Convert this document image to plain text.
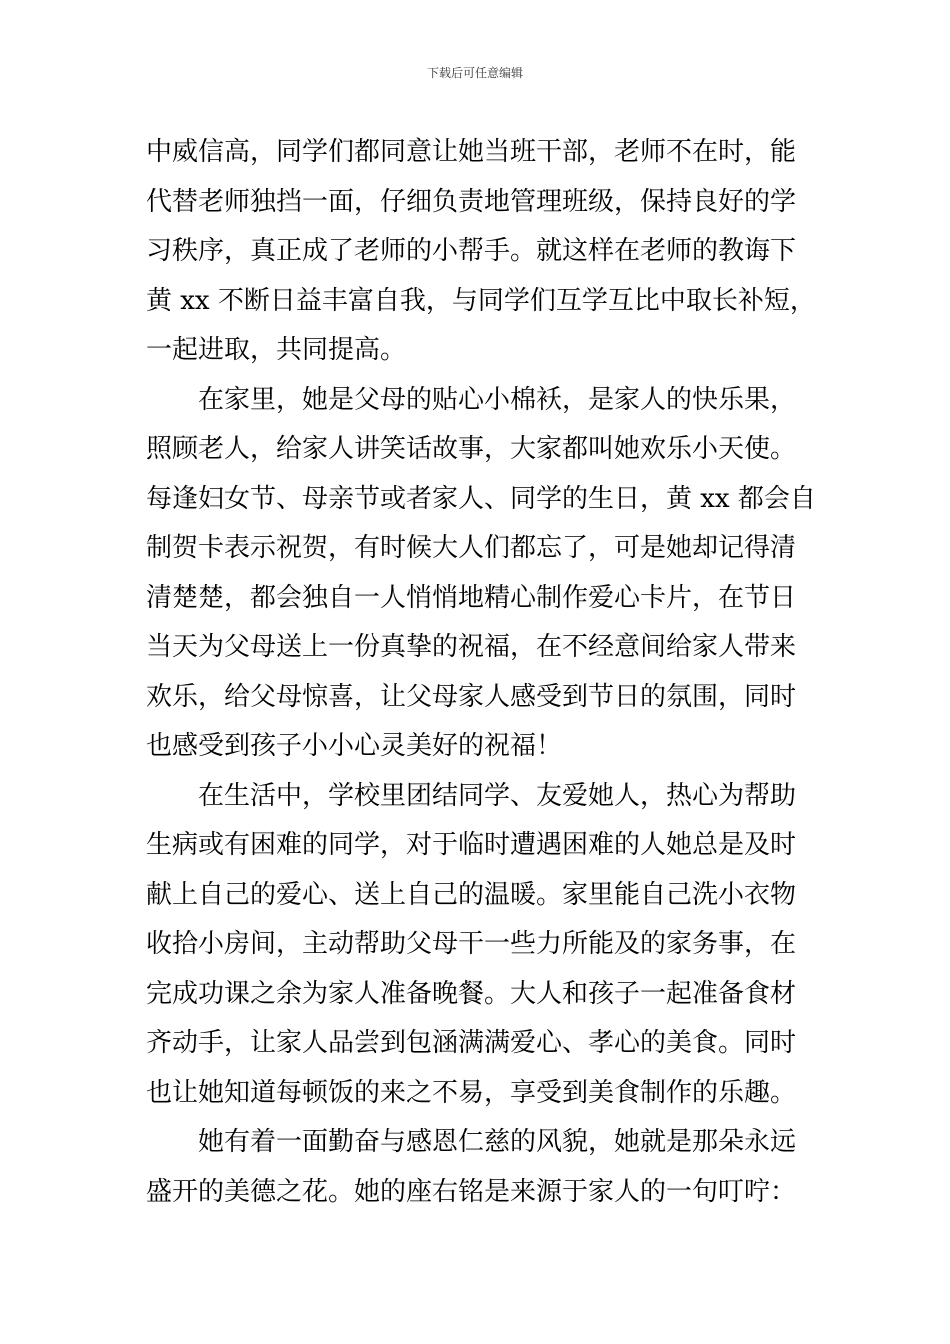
下载后可任意编辑
中威信高，同学们都同意让她当班干部，老师不在时，能
代替老师独挡一面，仔细负责地管理班级，保持良好的学
习秩序，真正成了老师的小帮手。就这样在老师的教诲下
黄 xx 不断日益丰富自我，与同学们互学互比中取长补短，
一起进取，共同提高。
在家里，她是父母的贴心小棉袄，是家人的快乐果，
照顾老人，给家人讲笑话故事，大家都叫她欢乐小天使。
每逢妇女节、母亲节或者家人、同学的生日，黄 xx 都会自
制贺卡表示祝贺，有时候大人们都忘了，可是她却记得清
清楚楚，都会独自一人悄悄地精心制作爱心卡片，在节日
当天为父母送上一份真挚的祝福，在不经意间给家人带来
欢乐，给父母惊喜，让父母家人感受到节日的氛围，同时
也感受到孩子小小心灵美好的祝福！
在生活中，学校里团结同学、友爱她人，热心为帮助
生病或有困难的同学，对于临时遭遇困难的人她总是及时
献上自己的爱心、送上自己的温暖。家里能自己洗小衣物
收拾小房间，主动帮助父母干一些力所能及的家务事，在
完成功课之余为家人准备晚餐。大人和孩子一起准备食材
齐动手，让家人品尝到包涵满满爱心、孝心的美食。同时
也让她知道每顿饭的来之不易，享受到美食制作的乐趣。
她有着一面勤奋与感恩仁慈的风貌，她就是那朵永远
盛开的美德之花。她的座右铭是来源于家人的一句叮咛：
